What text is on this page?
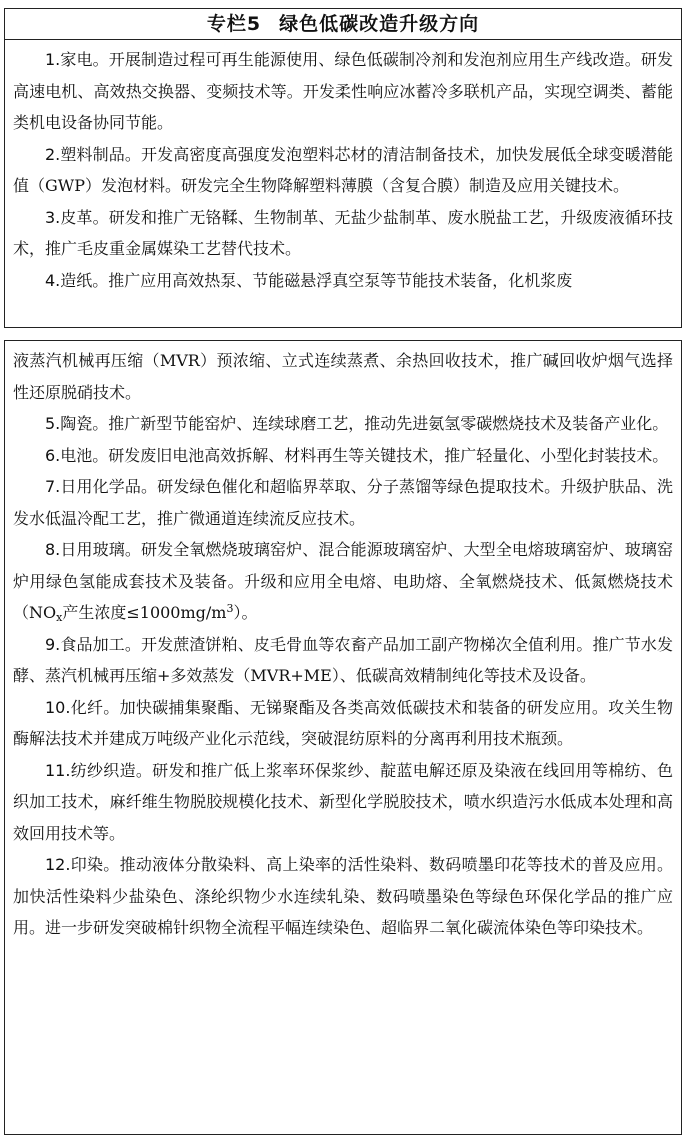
专栏5 绿色低碳改造升级方向

1.家电。开展制造过程可再生能源使用、绿色低碳制冷剂和发泡剂应用生产线改造。研发高速电机、高效热交换器、变频技术等。开发柔性响应冰蓄冷多联机产品，实现空调类、蓄能类机电设备协同节能。

2.塑料制品。开发高密度高强度发泡塑料芯材的清洁制备技术，加快发展低全球变暖潜能值（GWP）发泡材料。研发完全生物降解塑料薄膜（含复合膜）制造及应用关键技术。

3.皮革。研发和推广无铬鞣、生物制革、无盐少盐制革、废水脱盐工艺，升级废液循环技术，推广毛皮重金属媒染工艺替代技术。

4.造纸。推广应用高效热泵、节能磁悬浮真空泵等节能技术装备，化机浆废

液蒸汽机械再压缩（MVR）预浓缩、立式连续蒸煮、余热回收技术，推广碱回收炉烟气选择性还原脱硝技术。

5.陶瓷。推广新型节能窑炉、连续球磨工艺，推动先进氨氢零碳燃烧技术及装备产业化。

6.电池。研发废旧电池高效拆解、材料再生等关键技术，推广轻量化、小型化封装技术。

7.日用化学品。研发绿色催化和超临界萃取、分子蒸馏等绿色提取技术。升级护肤品、洗发水低温冷配工艺，推广微通道连续流反应技术。

8.日用玻璃。研发全氧燃烧玻璃窑炉、混合能源玻璃窑炉、大型全电熔玻璃窑炉、玻璃窑炉用绿色氢能成套技术及装备。升级和应用全电熔、电助熔、全氧燃烧技术、低氮燃烧技术（$NO_x$产生浓度$\le 1000mg/m^3$）。

9.食品加工。开发蔗渣饼粕、皮毛骨血等农畜产品加工副产物梯次全值利用。推广节水发酵、蒸汽机械再压缩+多效蒸发（MVR+ME）、低碳高效精制纯化等技术及设备。

10.化纤。加快碳捕集聚酯、无锑聚酯及各类高效低碳技术和装备的研发应用。攻关生物酶解法技术并建成万吨级产业化示范线，突破混纺原料的分离再利用技术瓶颈。

11.纺纱织造。研发和推广低上浆率环保浆纱、靛蓝电解还原及染液在线回用等棉纺、色织加工技术，麻纤维生物脱胶规模化技术、新型化学脱胶技术，喷水织造污水低成本处理和高效回用技术等。

12.印染。推动液体分散染料、高上染率的活性染料、数码喷墨印花等技术的普及应用。加快活性染料少盐染色、涤纶织物少水连续轧染、数码喷墨染色等绿色环保化学品的推广应用。进一步研发突破棉针织物全流程平幅连续染色、超临界二氧化碳流体染色等印染技术。
